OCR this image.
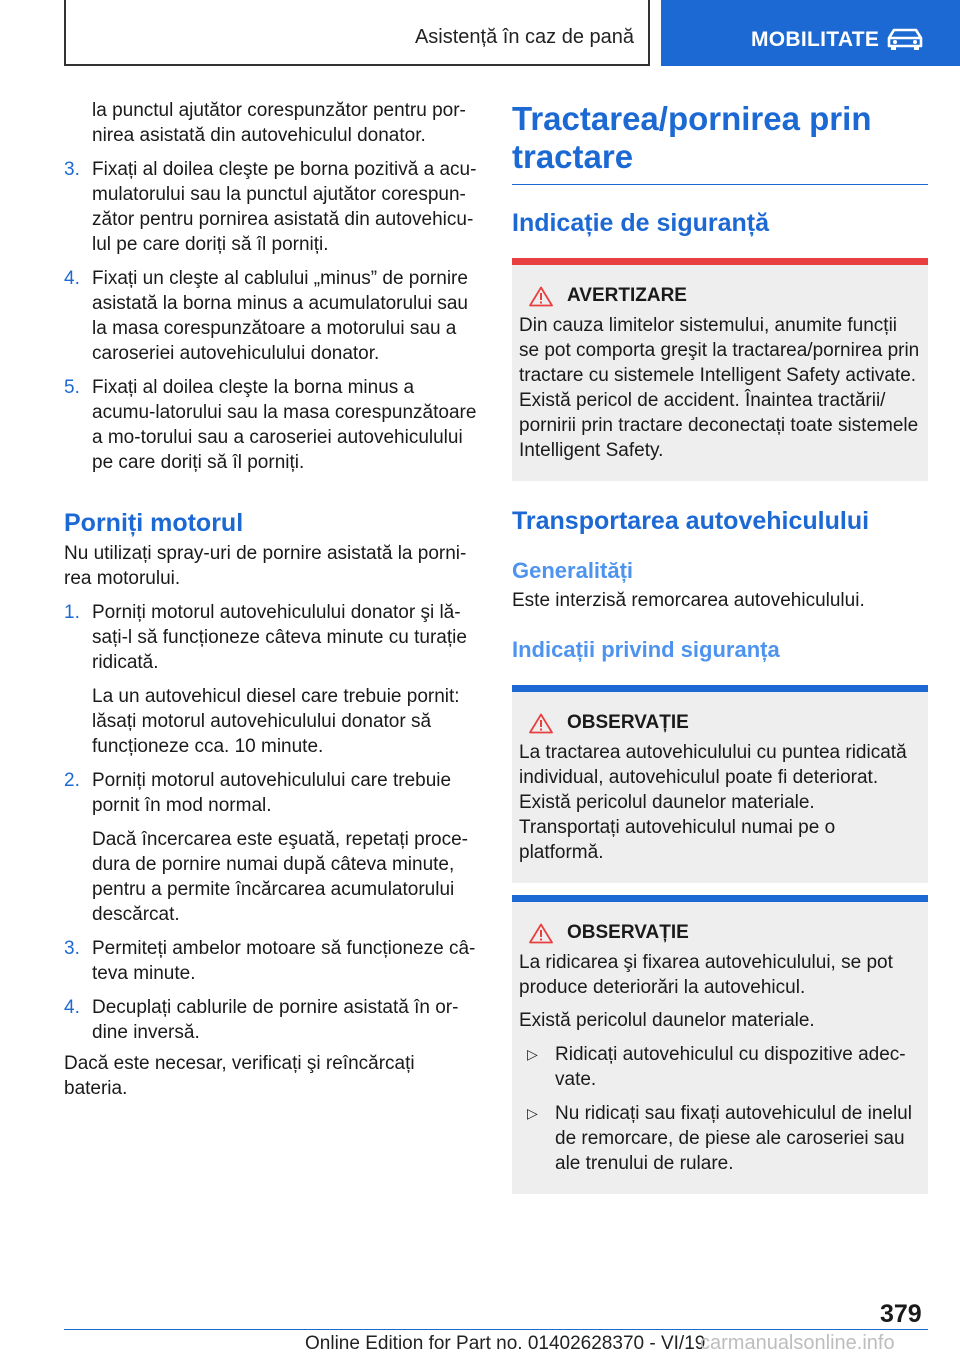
Asistență în caz de pană	MOBILITATE
la punctul ajutător corespunzător pentru por-nirea asistată din autovehiculul donator.
3. Fixați al doilea cleşte pe borna pozitivă a acu-mulatorului sau la punctul ajutător corespun-zător pentru pornirea asistată din autovehicu-lul pe care doriți să îl porniți.
4. Fixați un cleşte al cablului „minus” de pornire asistată la borna minus a acumulatorului sau la masa corespunzătoare a motorului sau a caroseriei autovehiculului donator.
5. Fixați al doilea cleşte la borna minus a acumu-latorului sau la masa corespunzătoare a mo-torului sau a caroseriei autovehiculului pe care doriți să îl porniți.
Porniți motorul
Nu utilizați spray-uri de pornire asistată la porni-rea motorului.
1. Porniți motorul autovehiculului donator şi lă-sați-l să funcționeze câteva minute cu turație ridicată.
La un autovehicul diesel care trebuie pornit: lăsați motorul autovehiculului donator să funcționeze cca. 10 minute.
2. Porniți motorul autovehiculului care trebuie pornit în mod normal.
Dacă încercarea este eşuată, repetați proce-dura de pornire numai după câteva minute, pentru a permite încărcarea acumulatorului descărcat.
3. Permiteți ambelor motoare să funcționeze câ-teva minute.
4. Decuplați cablurile de pornire asistată în or-dine inversă.
Dacă este necesar, verificați şi reîncărcați bateria.
Tractarea/pornirea prin tractare
Indicație de siguranță
AVERTIZARE
Din cauza limitelor sistemului, anumite funcții se pot comporta greşit la tractarea/pornirea prin tractare cu sistemele Intelligent Safety activate. Există pericol de accident. Înaintea tractării/ pornirii prin tractare deconectați toate sistemele Intelligent Safety.
Transportarea autovehiculului
Generalități
Este interzisă remorcarea autovehiculului.
Indicații privind siguranța
OBSERVAȚIE
La tractarea autovehiculului cu puntea ridicată individual, autovehiculul poate fi deteriorat. Există pericolul daunelor materiale. Transportați autovehiculul numai pe o platformă.
OBSERVAȚIE
La ridicarea şi fixarea autovehiculului, se pot produce deteriorări la autovehicul.
Există pericolul daunelor materiale.
▷ Ridicați autovehiculul cu dispozitive adec-vate.
▷ Nu ridicați sau fixați autovehiculul de inelul de remorcare, de piese ale caroseriei sau ale trenului de rulare.
379
Online Edition for Part no. 01402628370 - VI/19
carmanualsonline.info
